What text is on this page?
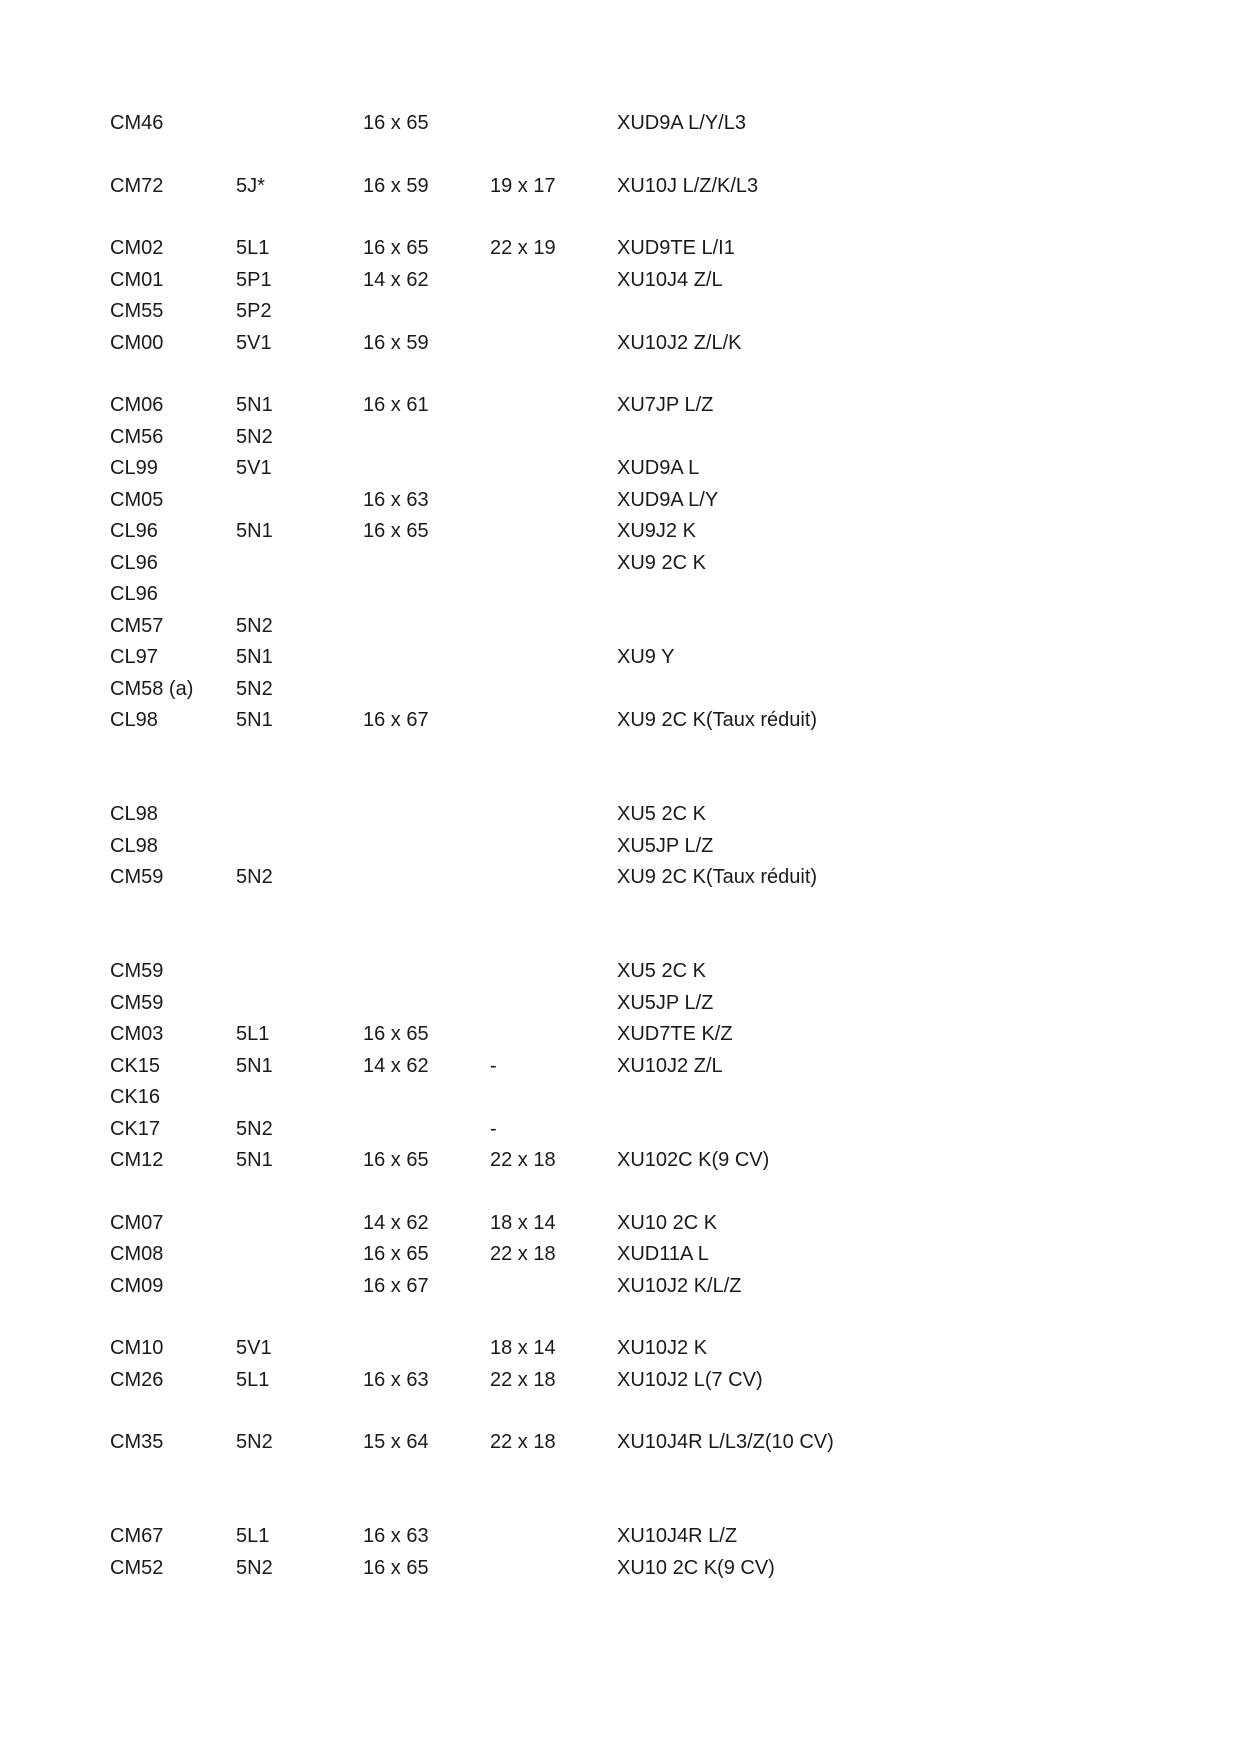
CM46		16 x 65		XUD9A L/Y/L3
CM72	5J*	16 x 59	19 x 17	XU10J L/Z/K/L3
CM02	5L1	16 x 65	22 x 19	XUD9TE L/I1
CM01	5P1	14 x 62		XU10J4 Z/L
CM55	5P2			
CM00	5V1	16 x 59		XU10J2 Z/L/K
CM06	5N1	16 x 61		XU7JP L/Z
CM56	5N2			
CL99	5V1			XUD9A L
CM05		16 x 63		XUD9A L/Y
CL96	5N1	16 x 65		XU9J2 K
CL96				XU9 2C K
CL96				
CM57	5N2			
CL97	5N1			XU9 Y
CM58 (a)	5N2			
CL98	5N1	16 x 67		XU9 2C K(Taux réduit)
CL98				XU5 2C K
CL98				XU5JP L/Z
CM59	5N2			XU9 2C K(Taux réduit)
CM59				XU5 2C K
CM59				XU5JP L/Z
CM03	5L1	16 x 65		XUD7TE K/Z
CK15	5N1	14 x 62	-	XU10J2 Z/L
CK16				
CK17	5N2		-	
CM12	5N1	16 x 65	22 x 18	XU102C K(9 CV)
CM07		14 x 62	18 x 14	XU10 2C K
CM08		16 x 65	22 x 18	XUD11A L
CM09		16 x 67		XU10J2 K/L/Z
CM10	5V1		18 x 14	XU10J2 K
CM26	5L1	16 x 63	22 x 18	XU10J2 L(7 CV)
CM35	5N2	15 x 64	22 x 18	XU10J4R L/L3/Z(10 CV)
CM67	5L1	16 x 63		XU10J4R L/Z
CM52	5N2	16 x 65		XU10 2C K(9 CV)
